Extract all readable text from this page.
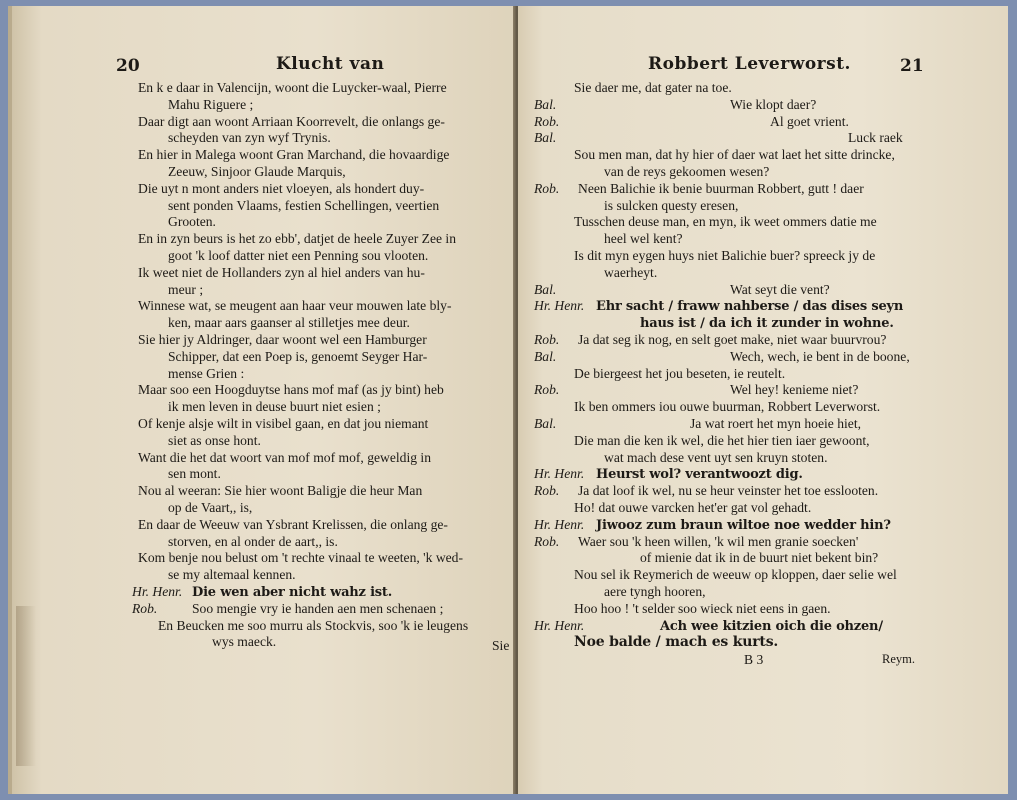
20	Klucht van
En k e daar in Valencijn, woont die Luycker-waal, Pierre
Mahu Riguere ;
Daar digt aan woont Arriaan Koorrevelt, die onlangs ge-
scheyden van zyn wyf Trynis.
En hier in Malega woont Gran Marchand, die hovaardige
Zeeuw, Sinjoor Glaude Marquis,
Die uyt n mont anders niet vloeyen, als hondert duy-
sent ponden Vlaams, festien Schellingen, veertien
Grooten.
En in zyn beurs is het zo ebb', datjet de heele Zuyer Zee in
goot 'k loof datter niet een Penning sou vlooten.
Ik weet niet de Hollanders zyn al hiel anders van hu-
meur ;
Winnese wat, se meugent aan haar veur mouwen late bly-
ken, maar aars gaanser al stilletjes mee deur.
Sie hier jy Aldringer, daar woont wel een Hamburger
Schipper, dat een Poep is, genoemt Seyger Har-
mense Grien :
Maar soo een Hoogduytse hans mof maf (as jy bint) heb
ik men leven in deuse buurt niet esien ;
Of kenje alsje wilt in visibel gaan, en dat jou niemant
siet as onse hont.
Want die het dat woort van mof mof mof, geweldig in
sen mont.
Nou al weeran: Sie hier woont Baligje die heur Man
op de Vaart,, is,
En daar de Weeuw van Ysbrant Krelissen, die onlang ge-
storven, en al onder de aart,, is.
Kom benje nou belust om 't rechte vinaal te weeten, 'k wed-
se my altemaal kennen.
Hr. Henr. Die wen aber nicht wahz ist.
Rob.	Soo mengie vry ie handen aen men schenaen ;
En Beucken me soo murru als Stockvis, soo 'k ie leugens
wys maeck.	Sie
Robbert Leverworst.	21
Sie daer me, dat gater na toe.
Bal.	Wie klopt daer?
Rob.	Al goet vrient.
Bal.	Luck raek
Sou men man, dat hy hier of daer wat laet het sitte drincke,
van de reys gekoomen wesen?
Rob. Neen Balichie ik benie buurman Robbert, gutt ! daer
is sulcken questy eresen,
Tusschen deuse man, en myn, ik weet ommers datie me
heel wel kent?
Is dit myn eygen huys niet Balichie buer? spreeck jy de
waerheyt.
Bal.	Wat seyt die vent?
Hr. Henr. Ehr sacht / fraww nahberse / das dises seyn
haus ist / da ich it zunder in wohne.
Rob. Ja dat seg ik nog, en selt goet make, niet waar buurvrou?
Bal.	Wech, wech, ie bent in de boone,
De biergeest het jou beseten, ie reutelt.
Rob.	Wel hey! kenieme niet?
Ik ben ommers iou ouwe buurman, Robbert Leverworst.
Bal.	Ja wat roert het myn hoeie hiet,
Die man die ken ik wel, die het hier tien iaer gewoont,
wat mach dese vent uyt sen kruyn stoten.
Hr. Henr. Heurst wol? verantwoozt dig.
Rob. Ja dat loof ik wel, nu se heur veinster het toe esslooten.
Ho! dat ouwe varcken het'er gat vol gehadt.
Hr. Henr. Jiwooz zum braun wiltoe noe wedder hin?
Rob. Waer sou 'k heen willen, 'k wil men granie soecken'
of mienie dat ik in de buurt niet bekent bin?
Nou sel ik Reymerich de weeuw op kloppen, daer selie wel
aere tyngh hooren,
Hoo hoo ! 't selder soo wieck niet eens in gaen.
Hr. Henr.	Ach wee kitzien oich die ohzen/
Noe balde / mach es kurts.
B 3	Reym.
